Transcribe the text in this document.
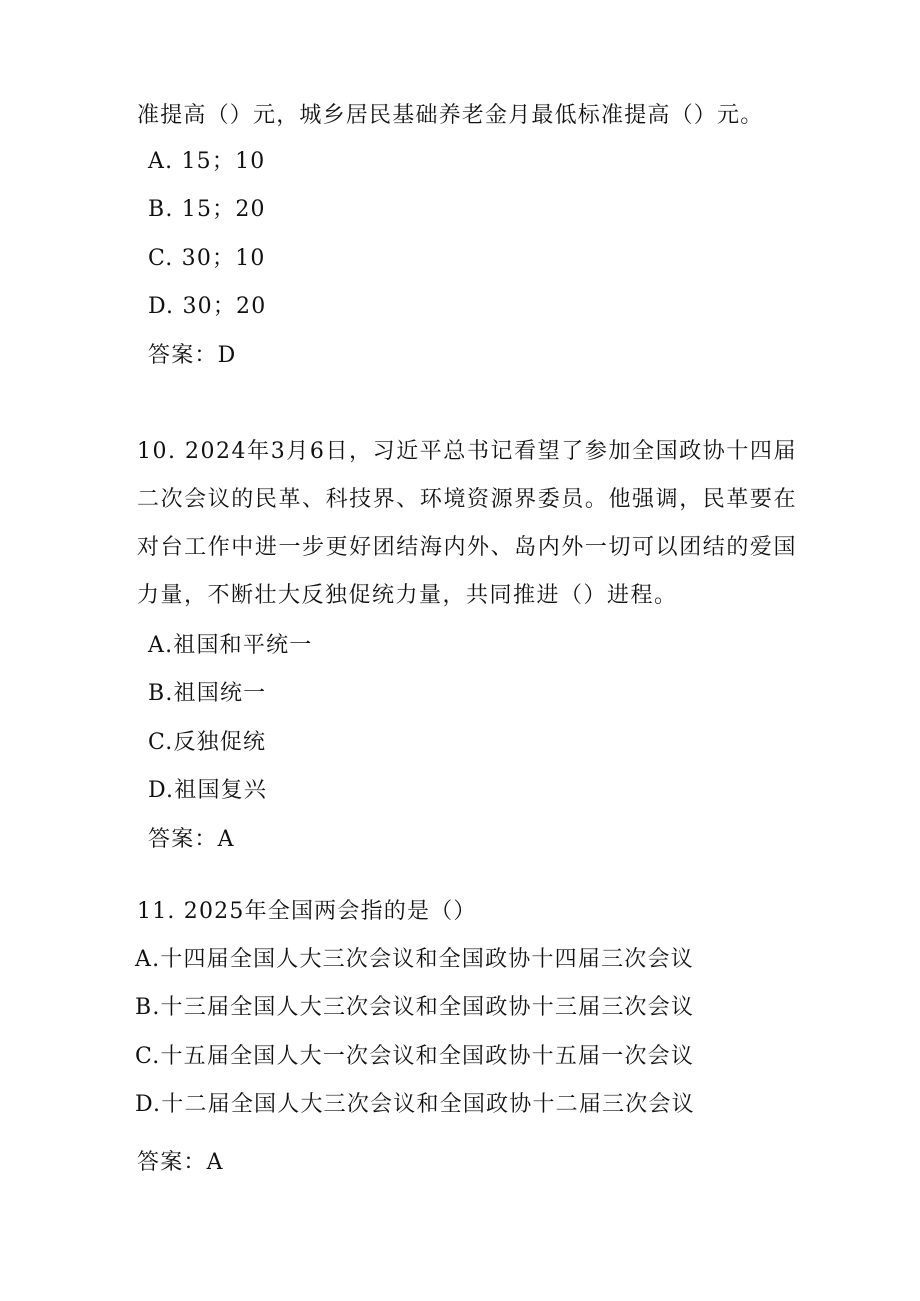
准提高（）元，城乡居民基础养老金月最低标准提高（）元。
A. 15；10
B. 15；20
C. 30；10
D. 30；20
答案：D
10. 2024年3月6日，习近平总书记看望了参加全国政协十四届二次会议的民革、科技界、环境资源界委员。他强调，民革要在对台工作中进一步更好团结海内外、岛内外一切可以团结的爱国力量，不断壮大反独促统力量，共同推进（）进程。
A.祖国和平统一
B.祖国统一
C.反独促统
D.祖国复兴
答案：A
11. 2025年全国两会指的是（）
A.十四届全国人大三次会议和全国政协十四届三次会议
B.十三届全国人大三次会议和全国政协十三届三次会议
C.十五届全国人大一次会议和全国政协十五届一次会议
D.十二届全国人大三次会议和全国政协十二届三次会议
答案：A
